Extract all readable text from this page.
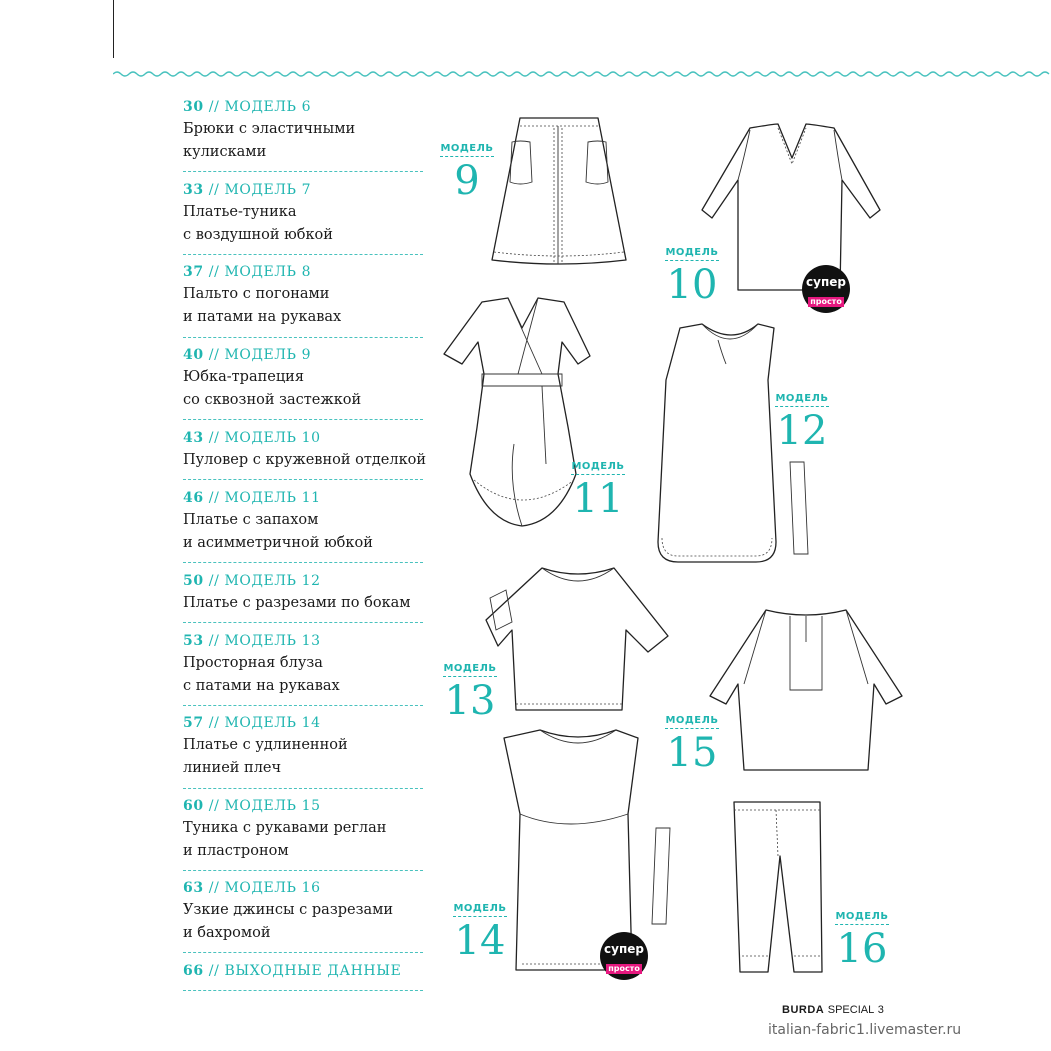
30 // МОДЕЛЬ 6
Брюки с эластичными
кулисками
33 // МОДЕЛЬ 7
Платье-туника
с воздушной юбкой
37 // МОДЕЛЬ 8
Пальто с погонами
и патами на рукавах
40 // МОДЕЛЬ 9
Юбка-трапеция
со сквозной застежкой
43 // МОДЕЛЬ 10
Пуловер с кружевной отделкой
46 // МОДЕЛЬ 11
Платье с запахом
и асимметричной юбкой
50 // МОДЕЛЬ 12
Платье с разрезами по бокам
53 // МОДЕЛЬ 13
Просторная блуза
с патами на рукавах
57 // МОДЕЛЬ 14
Платье с удлиненной
линией плеч
60 // МОДЕЛЬ 15
Туника с рукавами реглан
и пластроном
63 // МОДЕЛЬ 16
Узкие джинсы с разрезами
и бахромой
66 // ВЫХОДНЫЕ ДАННЫЕ
МОДЕЛЬ
9
МОДЕЛЬ
10	супер
просто
МОДЕЛЬ
11
МОДЕЛЬ
12
МОДЕЛЬ
13	МОДЕЛЬ
15
МОДЕЛЬ
14	супер
просто
МОДЕЛЬ
16
BURDA SPECIAL 3
italian-fabric1.livemaster.ru
